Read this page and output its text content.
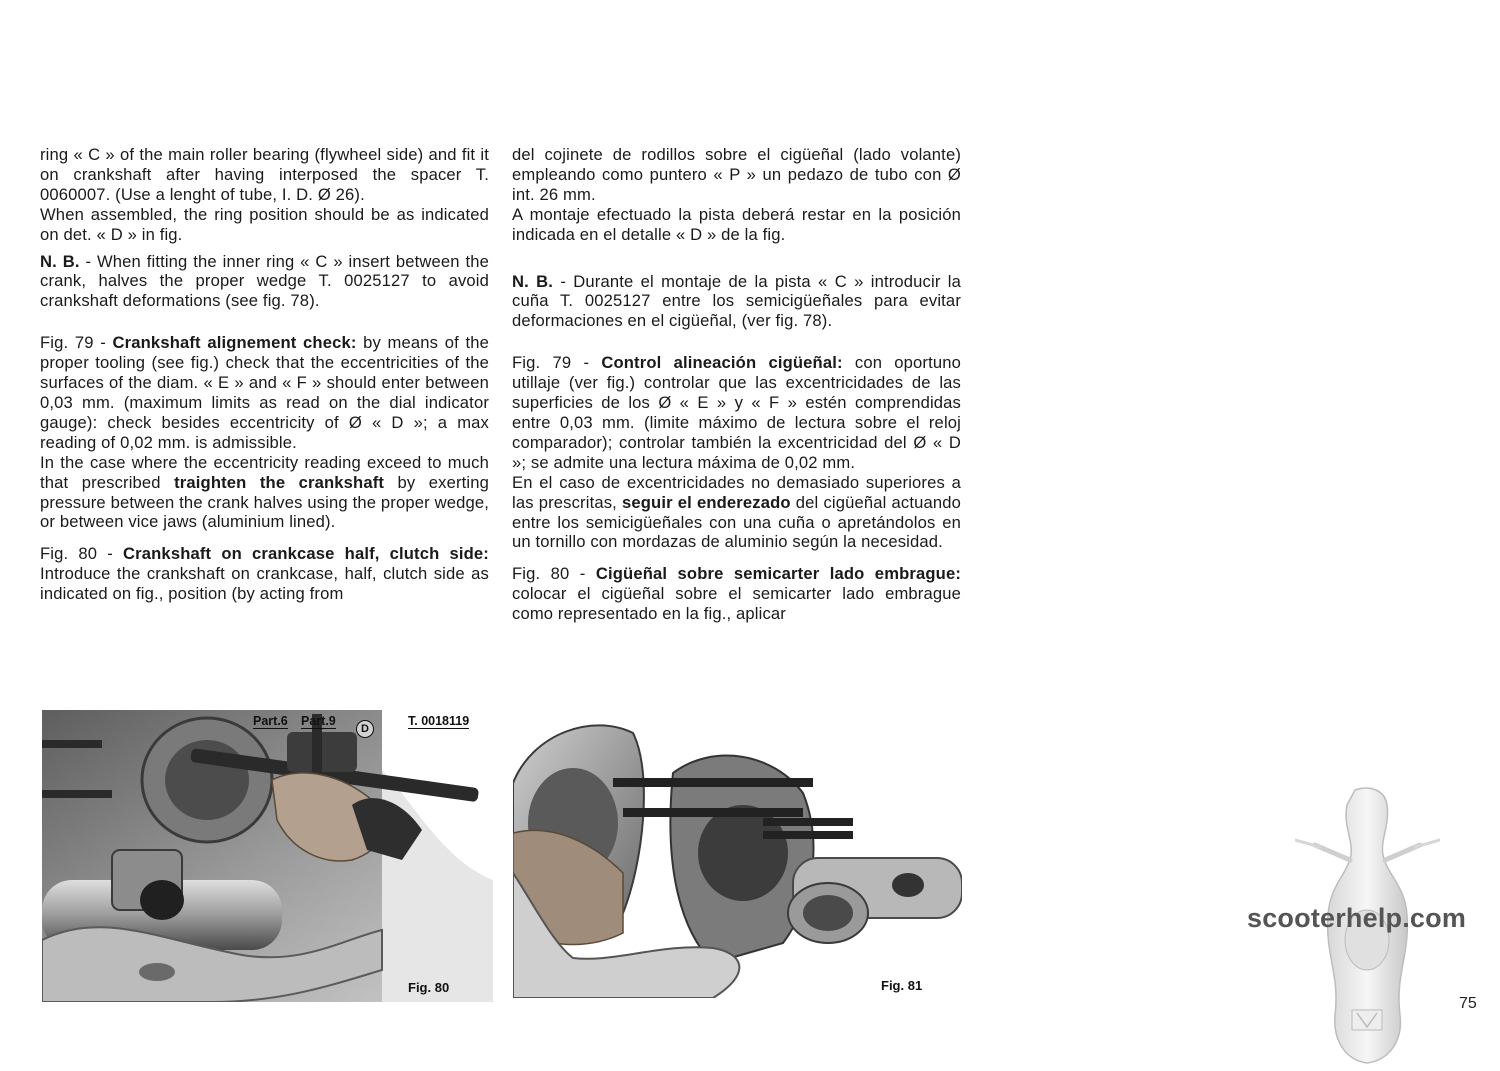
ring « C » of the main roller bearing (flywheel side) and fit it on crankshaft after having interposed the spacer T. 0060007. (Use a lenght of tube, I. D. Ø 26).

When assembled, the ring position should be as indicated on det. « D » in fig.

N. B. - When fitting the inner ring « C » insert between the crank, halves the proper wedge T. 0025127 to avoid crankshaft deformations (see fig. 78).

Fig. 79 - Crankshaft alignement check: by means of the proper tooling (see fig.) check that the eccentricities of the surfaces of the diam. « E » and « F » should enter between 0,03 mm. (maximum limits as read on the dial indicator gauge): check besides eccentricity of Ø « D »; a max reading of 0,02 mm. is admissible.

In the case where the eccentricity reading exceed to much that prescribed traighten the crankshaft by exerting pressure between the crank halves using the proper wedge, or between vice jaws (aluminium lined).

Fig. 80 - Crankshaft on crankcase half, clutch side: Introduce the crankshaft on crankcase, half, clutch side as indicated on fig., position (by acting from

del cojinete de rodillos sobre el cigüeñal (lado volante) empleando como puntero « P » un pedazo de tubo con Ø int. 26 mm.

A montaje efectuado la pista deberá restar en la posición indicada en el detalle « D » de la fig.

N. B. - Durante el montaje de la pista « C » introducir la cuña T. 0025127 entre los semicigüeñales para evitar deformaciones en el cigüeñal, (ver fig. 78).

Fig. 79 - Control alineación cigüeñal: con oportuno utillaje (ver fig.) controlar que las excentricidades de las superficies de los Ø « E » y « F » estén comprendidas entre 0,03 mm. (limite máximo de lectura sobre el reloj comparador); controlar también la excentricidad del Ø « D »; se admite una lectura máxima de 0,02 mm.

En el caso de excentricidades no demasiado superiores a las prescritas, seguir el enderezado del cigüeñal actuando entre los semicigüeñales con una cuña o apretándolos en un tornillo con mordazas de aluminio según la necesidad.

Fig. 80 - Cigüeñal sobre semicarter lado embrague: colocar el cigüeñal sobre el semicarter lado embrague como representado en la fig., aplicar

Part.6 Part.9
D
T. 0018119
Fig. 80	Fig. 81
scooterhelp.com
75
